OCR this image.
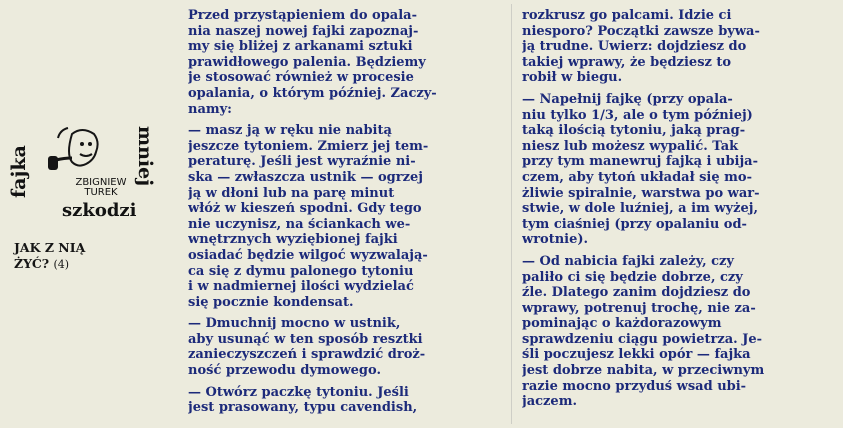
fajka	mniej
ZBIGNIEW
TUREK
szkodzi
JAK Z NIĄ
ŻYĆ? (4)
Przed przystąpieniem do opala-
nia naszej nowej fajki zapoznaj-
my się bliżej z arkanami sztuki
prawidłowego palenia. Będziemy
je stosować również w procesie
opalania, o którym później. Zaczy-
namy:
— masz ją w ręku nie nabitą
jeszcze tytoniem. Zmierz jej tem-
peraturę. Jeśli jest wyraźnie ni-
ska — zwłaszcza ustnik — ogrzej
ją w dłoni lub na parę minut
włóż w kieszeń spodni. Gdy tego
nie uczynisz, na ściankach we-
wnętrznych wyziębionej fajki
osiadać będzie wilgoć wyzwalają-
ca się z dymu palonego tytoniu
i w nadmiernej ilości wydzielać
się pocznie kondensat.
— Dmuchnij mocno w ustnik,
aby usunąć w ten sposób resztki
zanieczyszczeń i sprawdzić droż-
ność przewodu dymowego.
— Otwórz paczkę tytoniu. Jeśli
jest prasowany, typu cavendish,
rozkrusz go palcami. Idzie ci
niesporo? Początki zawsze bywa-
ją trudne. Uwierz: dojdziesz do
takiej wprawy, że będziesz to
robił w biegu.
— Napełnij fajkę (przy opala-
niu tylko 1/3, ale o tym później)
taką ilością tytoniu, jaką prag-
niesz lub możesz wypalić. Tak
przy tym manewruj fajką i ubija-
czem, aby tytoń układał się mo-
żliwie spiralnie, warstwa po war-
stwie, w dole luźniej, a im wyżej,
tym ciaśniej (przy opalaniu od-
wrotnie).
— Od nabicia fajki zależy, czy
paliło ci się będzie dobrze, czy
źle. Dlatego zanim dojdziesz do
wprawy, potrenuj trochę, nie za-
pominając o każdorazowym
sprawdzeniu ciągu powietrza. Je-
śli poczujesz lekki opór — fajka
jest dobrze nabita, w przeciwnym
razie mocno przyduś wsad ubi-
jaczem.
